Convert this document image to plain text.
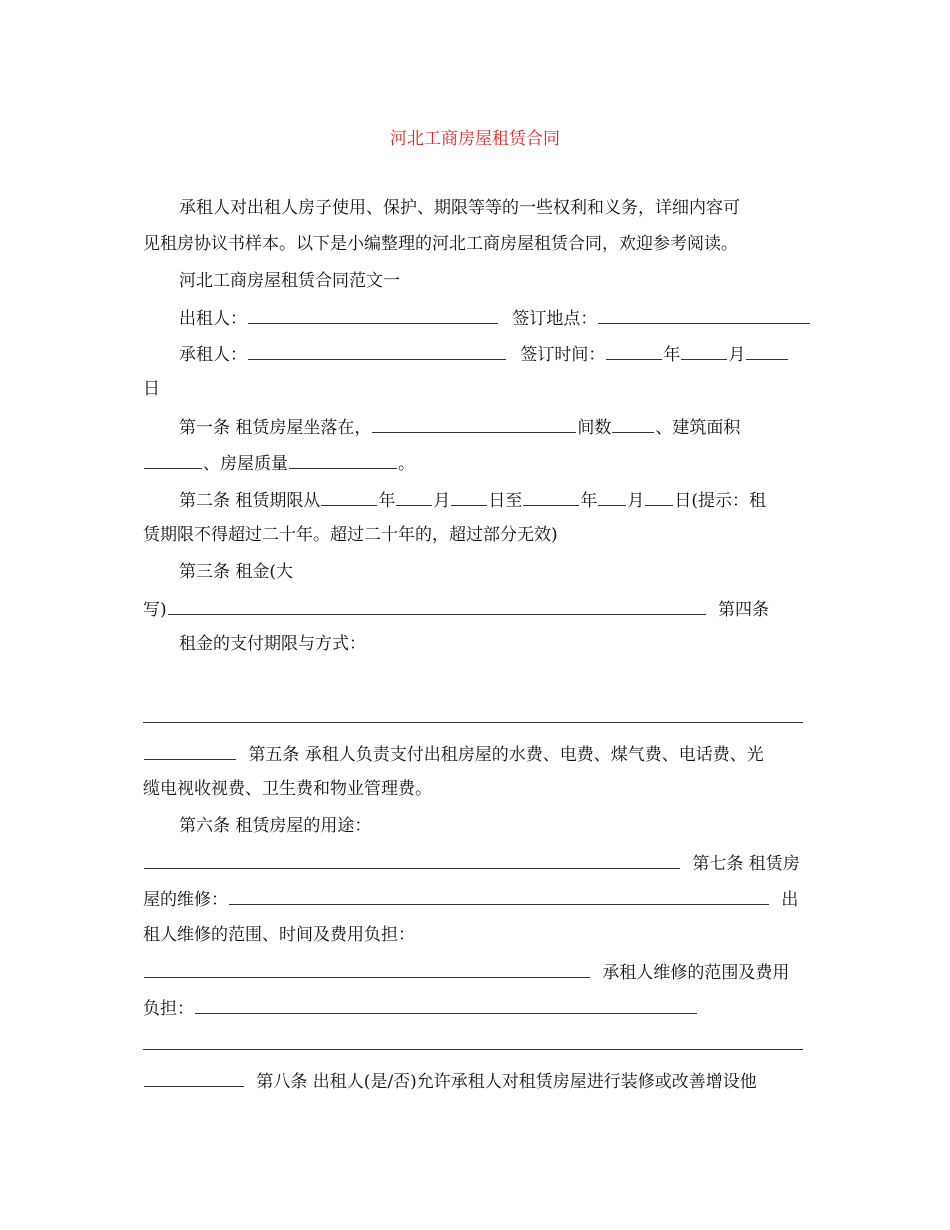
河北工商房屋租赁合同
承租人对出租人房子使用、保护、期限等等的一些权利和义务，详细内容可
见租房协议书样本。以下是小编整理的河北工商房屋租赁合同，欢迎参考阅读。
河北工商房屋租赁合同范文一
出租人：	签订地点：
承租人：	签订时间：	年	月
日
第一条 租赁房屋坐落在，	间数	、建筑面积
、房屋质量	。
第二条 租赁期限从	年 月 日至	年 月 日(提示：租
赁期限不得超过二十年。超过二十年的，超过部分无效)
第三条 租金(大
写)	第四条
租金的支付期限与方式：
第五条 承租人负责支付出租房屋的水费、电费、煤气费、电话费、光
缆电视收视费、卫生费和物业管理费。
第六条 租赁房屋的用途：
第七条 租赁房
屋的维修：	出
租人维修的范围、时间及费用负担：
承租人维修的范围及费用
负担：
第八条 出租人(是/否)允许承租人对租赁房屋进行装修或改善增设他
